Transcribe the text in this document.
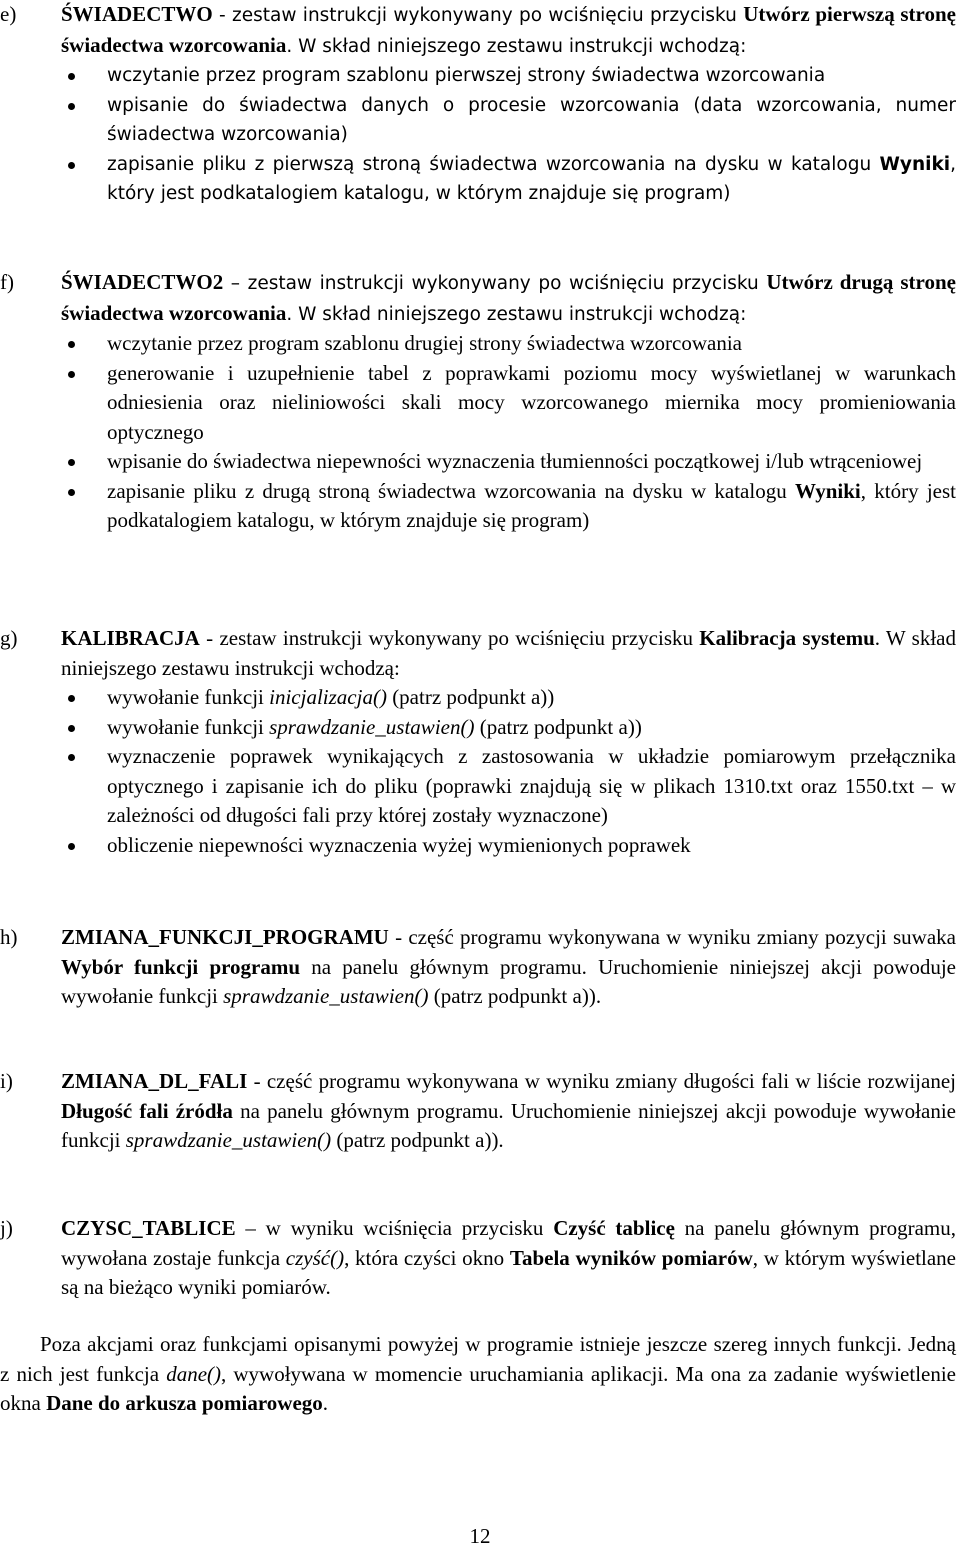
e)	ŚWIADECTWO - zestaw instrukcji wykonywany po wciśnięciu przycisku Utwórz pierwszą stronę świadectwa wzorcowania. W skład niniejszego zestawu instrukcji wchodzą:

wczytanie przez program szablonu pierwszej strony świadectwa wzorcowania
wpisanie do świadectwa danych o procesie wzorcowania (data wzorcowania, numer świadectwa wzorcowania)
zapisanie pliku z pierwszą stroną świadectwa wzorcowania na dysku w katalogu Wyniki, który jest podkatalogiem katalogu, w którym znajduje się program)
f)	ŚWIADECTWO2 – zestaw instrukcji wykonywany po wciśnięciu przycisku Utwórz drugą stronę świadectwa wzorcowania. W skład niniejszego zestawu instrukcji wchodzą:

wczytanie przez program szablonu drugiej strony świadectwa wzorcowania
generowanie i uzupełnienie tabel z poprawkami poziomu mocy wyświetlanej w warunkach odniesienia oraz nieliniowości skali mocy wzorcowanego miernika mocy promieniowania optycznego
wpisanie do świadectwa niepewności wyznaczenia tłumienności początkowej i/lub wtrąceniowej
zapisanie pliku z drugą stroną świadectwa wzorcowania na dysku w katalogu Wyniki, który jest podkatalogiem katalogu, w którym znajduje się program)
g)	KALIBRACJA - zestaw instrukcji wykonywany po wciśnięciu przycisku Kalibracja systemu. W skład niniejszego zestawu instrukcji wchodzą:

wywołanie funkcji inicjalizacja() (patrz podpunkt a))
wywołanie funkcji sprawdzanie_ustawien() (patrz podpunkt a))
wyznaczenie poprawek wynikających z zastosowania w układzie pomiarowym przełącznika optycznego i zapisanie ich do pliku (poprawki znajdują się w plikach 1310.txt oraz 1550.txt – w zależności od długości fali przy której zostały wyznaczone)
obliczenie niepewności wyznaczenia wyżej wymienionych poprawek
h)	ZMIANA_FUNKCJI_PROGRAMU - część programu wykonywana w wyniku zmiany pozycji suwaka Wybór funkcji programu na panelu głównym programu. Uruchomienie niniejszej akcji powoduje wywołanie funkcji sprawdzanie_ustawien() (patrz podpunkt a)).

i)	ZMIANA_DL_FALI - część programu wykonywana w wyniku zmiany długości fali w liście rozwijanej Długość fali źródła na panelu głównym programu. Uruchomienie niniejszej akcji powoduje wywołanie funkcji sprawdzanie_ustawien() (patrz podpunkt a)).

j)	CZYSC_TABLICE – w wyniku wciśnięcia przycisku Czyść tablicę na panelu głównym programu, wywołana zostaje funkcja czyść(), która czyści okno Tabela wyników pomiarów, w którym wyświetlane są na bieżąco wyniki pomiarów.

Poza akcjami oraz funkcjami opisanymi powyżej w programie istnieje jeszcze szereg innych funkcji. Jedną z nich jest funkcja dane(), wywoływana w momencie uruchamiania aplikacji. Ma ona za zadanie wyświetlenie okna Dane do arkusza pomiarowego.

12
